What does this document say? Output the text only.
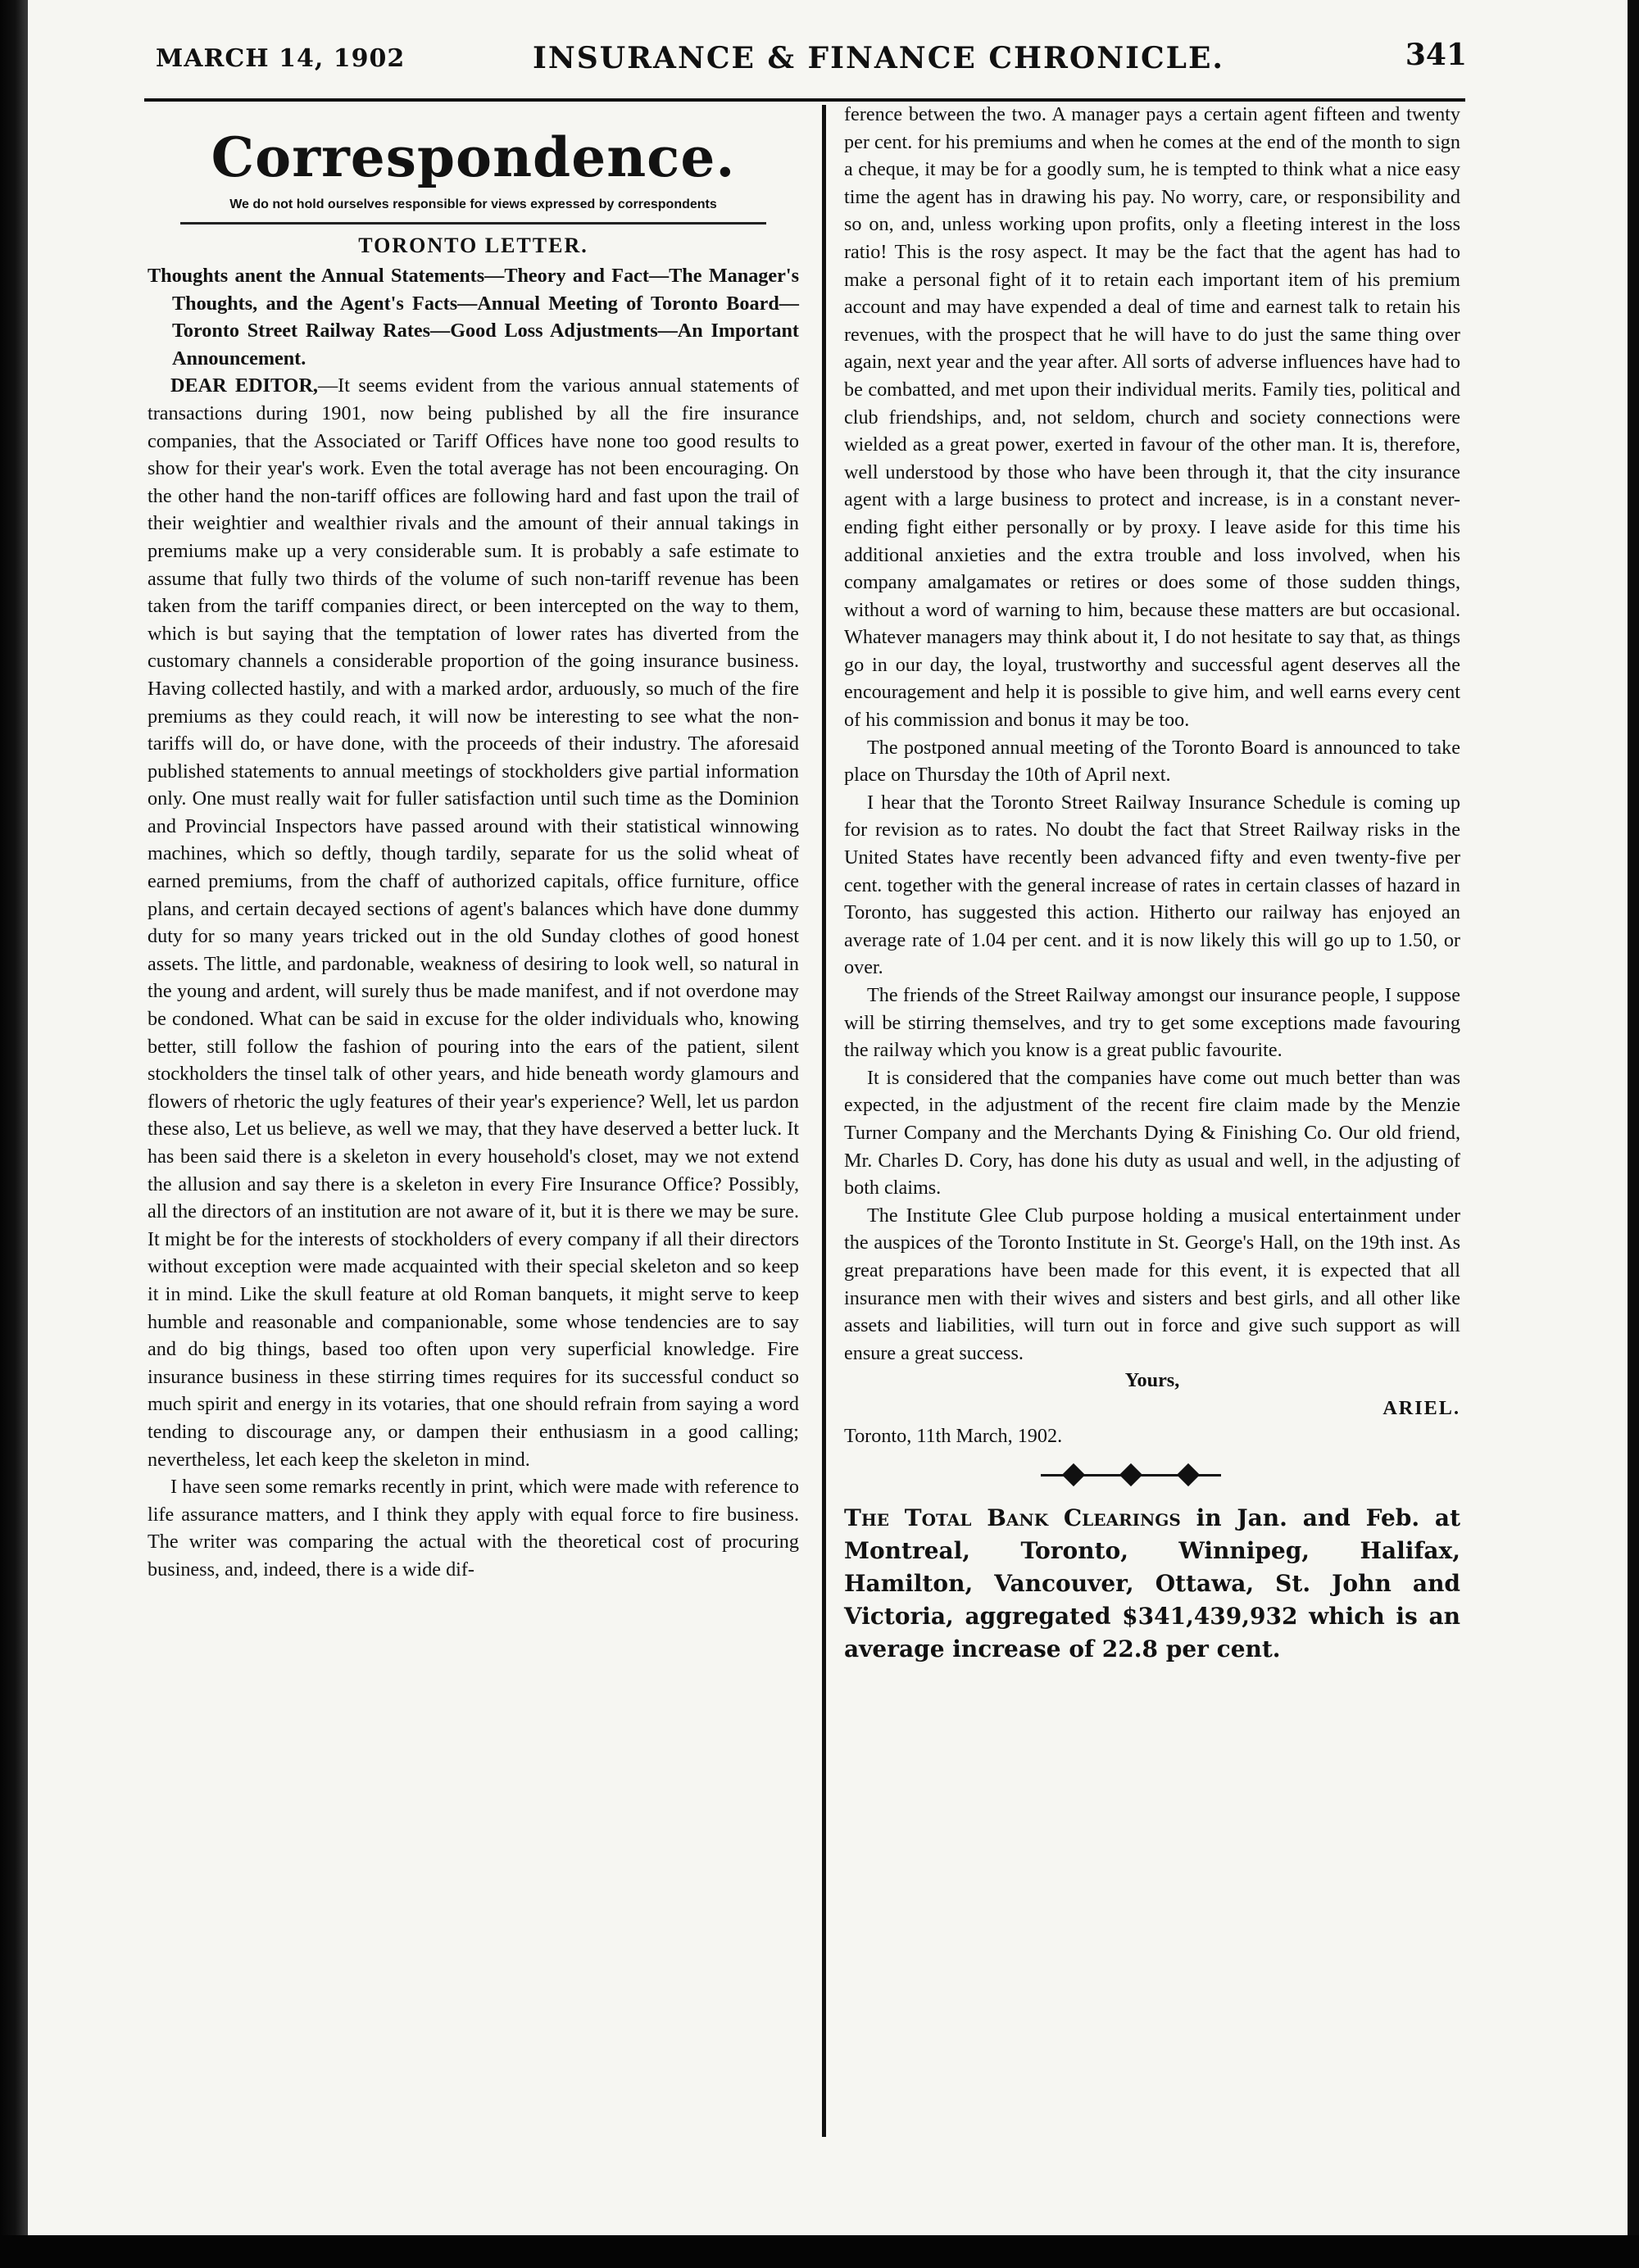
MARCH 14, 1902	INSURANCE & FINANCE CHRONICLE.	341
Correspondence.

We do not hold ourselves responsible for views expressed by correspondents

TORONTO LETTER.

Thoughts anent the Annual Statements—Theory and Fact—The Manager's Thoughts, and the Agent's Facts—Annual Meeting of Toronto Board—Toronto Street Railway Rates—Good Loss Adjustments—An Important Announcement.

DEAR EDITOR,—It seems evident from the various annual statements of transactions during 1901, now being published by all the fire insurance companies, that the Associated or Tariff Offices have none too good results to show for their year's work. Even the total average has not been encouraging. On the other hand the non-tariff offices are following hard and fast upon the trail of their weightier and wealthier rivals and the amount of their annual takings in premiums make up a very considerable sum. It is probably a safe estimate to assume that fully two thirds of the volume of such non-tariff revenue has been taken from the tariff companies direct, or been intercepted on the way to them, which is but saying that the temptation of lower rates has diverted from the customary channels a considerable proportion of the going insurance business. Having collected hastily, and with a marked ardor, arduously, so much of the fire premiums as they could reach, it will now be interesting to see what the non-tariffs will do, or have done, with the proceeds of their industry. The aforesaid published statements to annual meetings of stockholders give partial information only. One must really wait for fuller satisfaction until such time as the Dominion and Provincial Inspectors have passed around with their statistical winnowing machines, which so deftly, though tardily, separate for us the solid wheat of earned premiums, from the chaff of authorized capitals, office furniture, office plans, and certain decayed sections of agent's balances which have done dummy duty for so many years tricked out in the old Sunday clothes of good honest assets. The little, and pardonable, weakness of desiring to look well, so natural in the young and ardent, will surely thus be made manifest, and if not overdone may be condoned. What can be said in excuse for the older individuals who, knowing better, still follow the fashion of pouring into the ears of the patient, silent stockholders the tinsel talk of other years, and hide beneath wordy glamours and flowers of rhetoric the ugly features of their year's experience? Well, let us pardon these also, Let us believe, as well we may, that they have deserved a better luck. It has been said there is a skeleton in every household's closet, may we not extend the allusion and say there is a skeleton in every Fire Insurance Office? Possibly, all the directors of an institution are not aware of it, but it is there we may be sure. It might be for the interests of stockholders of every company if all their directors without exception were made acquainted with their special skeleton and so keep it in mind. Like the skull feature at old Roman banquets, it might serve to keep humble and reasonable and companionable, some whose tendencies are to say and do big things, based too often upon very superficial knowledge. Fire insurance business in these stirring times requires for its successful conduct so much spirit and energy in its votaries, that one should refrain from saying a word tending to discourage any, or dampen their enthusiasm in a good calling; nevertheless, let each keep the skeleton in mind.

I have seen some remarks recently in print, which were made with reference to life assurance matters, and I think they apply with equal force to fire business. The writer was comparing the actual with the theoretical cost of procuring business, and, indeed, there is a wide dif-

ference between the two. A manager pays a certain agent fifteen and twenty per cent. for his premiums and when he comes at the end of the month to sign a cheque, it may be for a goodly sum, he is tempted to think what a nice easy time the agent has in drawing his pay. No worry, care, or responsibility and so on, and, unless working upon profits, only a fleeting interest in the loss ratio! This is the rosy aspect. It may be the fact that the agent has had to make a personal fight of it to retain each important item of his premium account and may have expended a deal of time and earnest talk to retain his revenues, with the prospect that he will have to do just the same thing over again, next year and the year after. All sorts of adverse influences have had to be combatted, and met upon their individual merits. Family ties, political and club friendships, and, not seldom, church and society connections were wielded as a great power, exerted in favour of the other man. It is, therefore, well understood by those who have been through it, that the city insurance agent with a large business to protect and increase, is in a constant never-ending fight either personally or by proxy. I leave aside for this time his additional anxieties and the extra trouble and loss involved, when his company amalgamates or retires or does some of those sudden things, without a word of warning to him, because these matters are but occasional. Whatever managers may think about it, I do not hesitate to say that, as things go in our day, the loyal, trustworthy and successful agent deserves all the encouragement and help it is possible to give him, and well earns every cent of his commission and bonus it may be too.

The postponed annual meeting of the Toronto Board is announced to take place on Thursday the 10th of April next.

I hear that the Toronto Street Railway Insurance Schedule is coming up for revision as to rates. No doubt the fact that Street Railway risks in the United States have recently been advanced fifty and even twenty-five per cent. together with the general increase of rates in certain classes of hazard in Toronto, has suggested this action. Hitherto our railway has enjoyed an average rate of 1.04 per cent. and it is now likely this will go up to 1.50, or over.

The friends of the Street Railway amongst our insurance people, I suppose will be stirring themselves, and try to get some exceptions made favouring the railway which you know is a great public favourite.

It is considered that the companies have come out much better than was expected, in the adjustment of the recent fire claim made by the Menzie Turner Company and the Merchants Dying & Finishing Co. Our old friend, Mr. Charles D. Cory, has done his duty as usual and well, in the adjusting of both claims.

The Institute Glee Club purpose holding a musical entertainment under the auspices of the Toronto Institute in St. George's Hall, on the 19th inst. As great preparations have been made for this event, it is expected that all insurance men with their wives and sisters and best girls, and all other like assets and liabilities, will turn out in force and give such support as will ensure a great success.

Yours,

ARIEL.

Toronto, 11th March, 1902.

The Total Bank Clearings in Jan. and Feb. at Montreal, Toronto, Winnipeg, Halifax, Hamilton, Vancouver, Ottawa, St. John and Victoria, aggregated $341,439,932 which is an average increase of 22.8 per cent.
